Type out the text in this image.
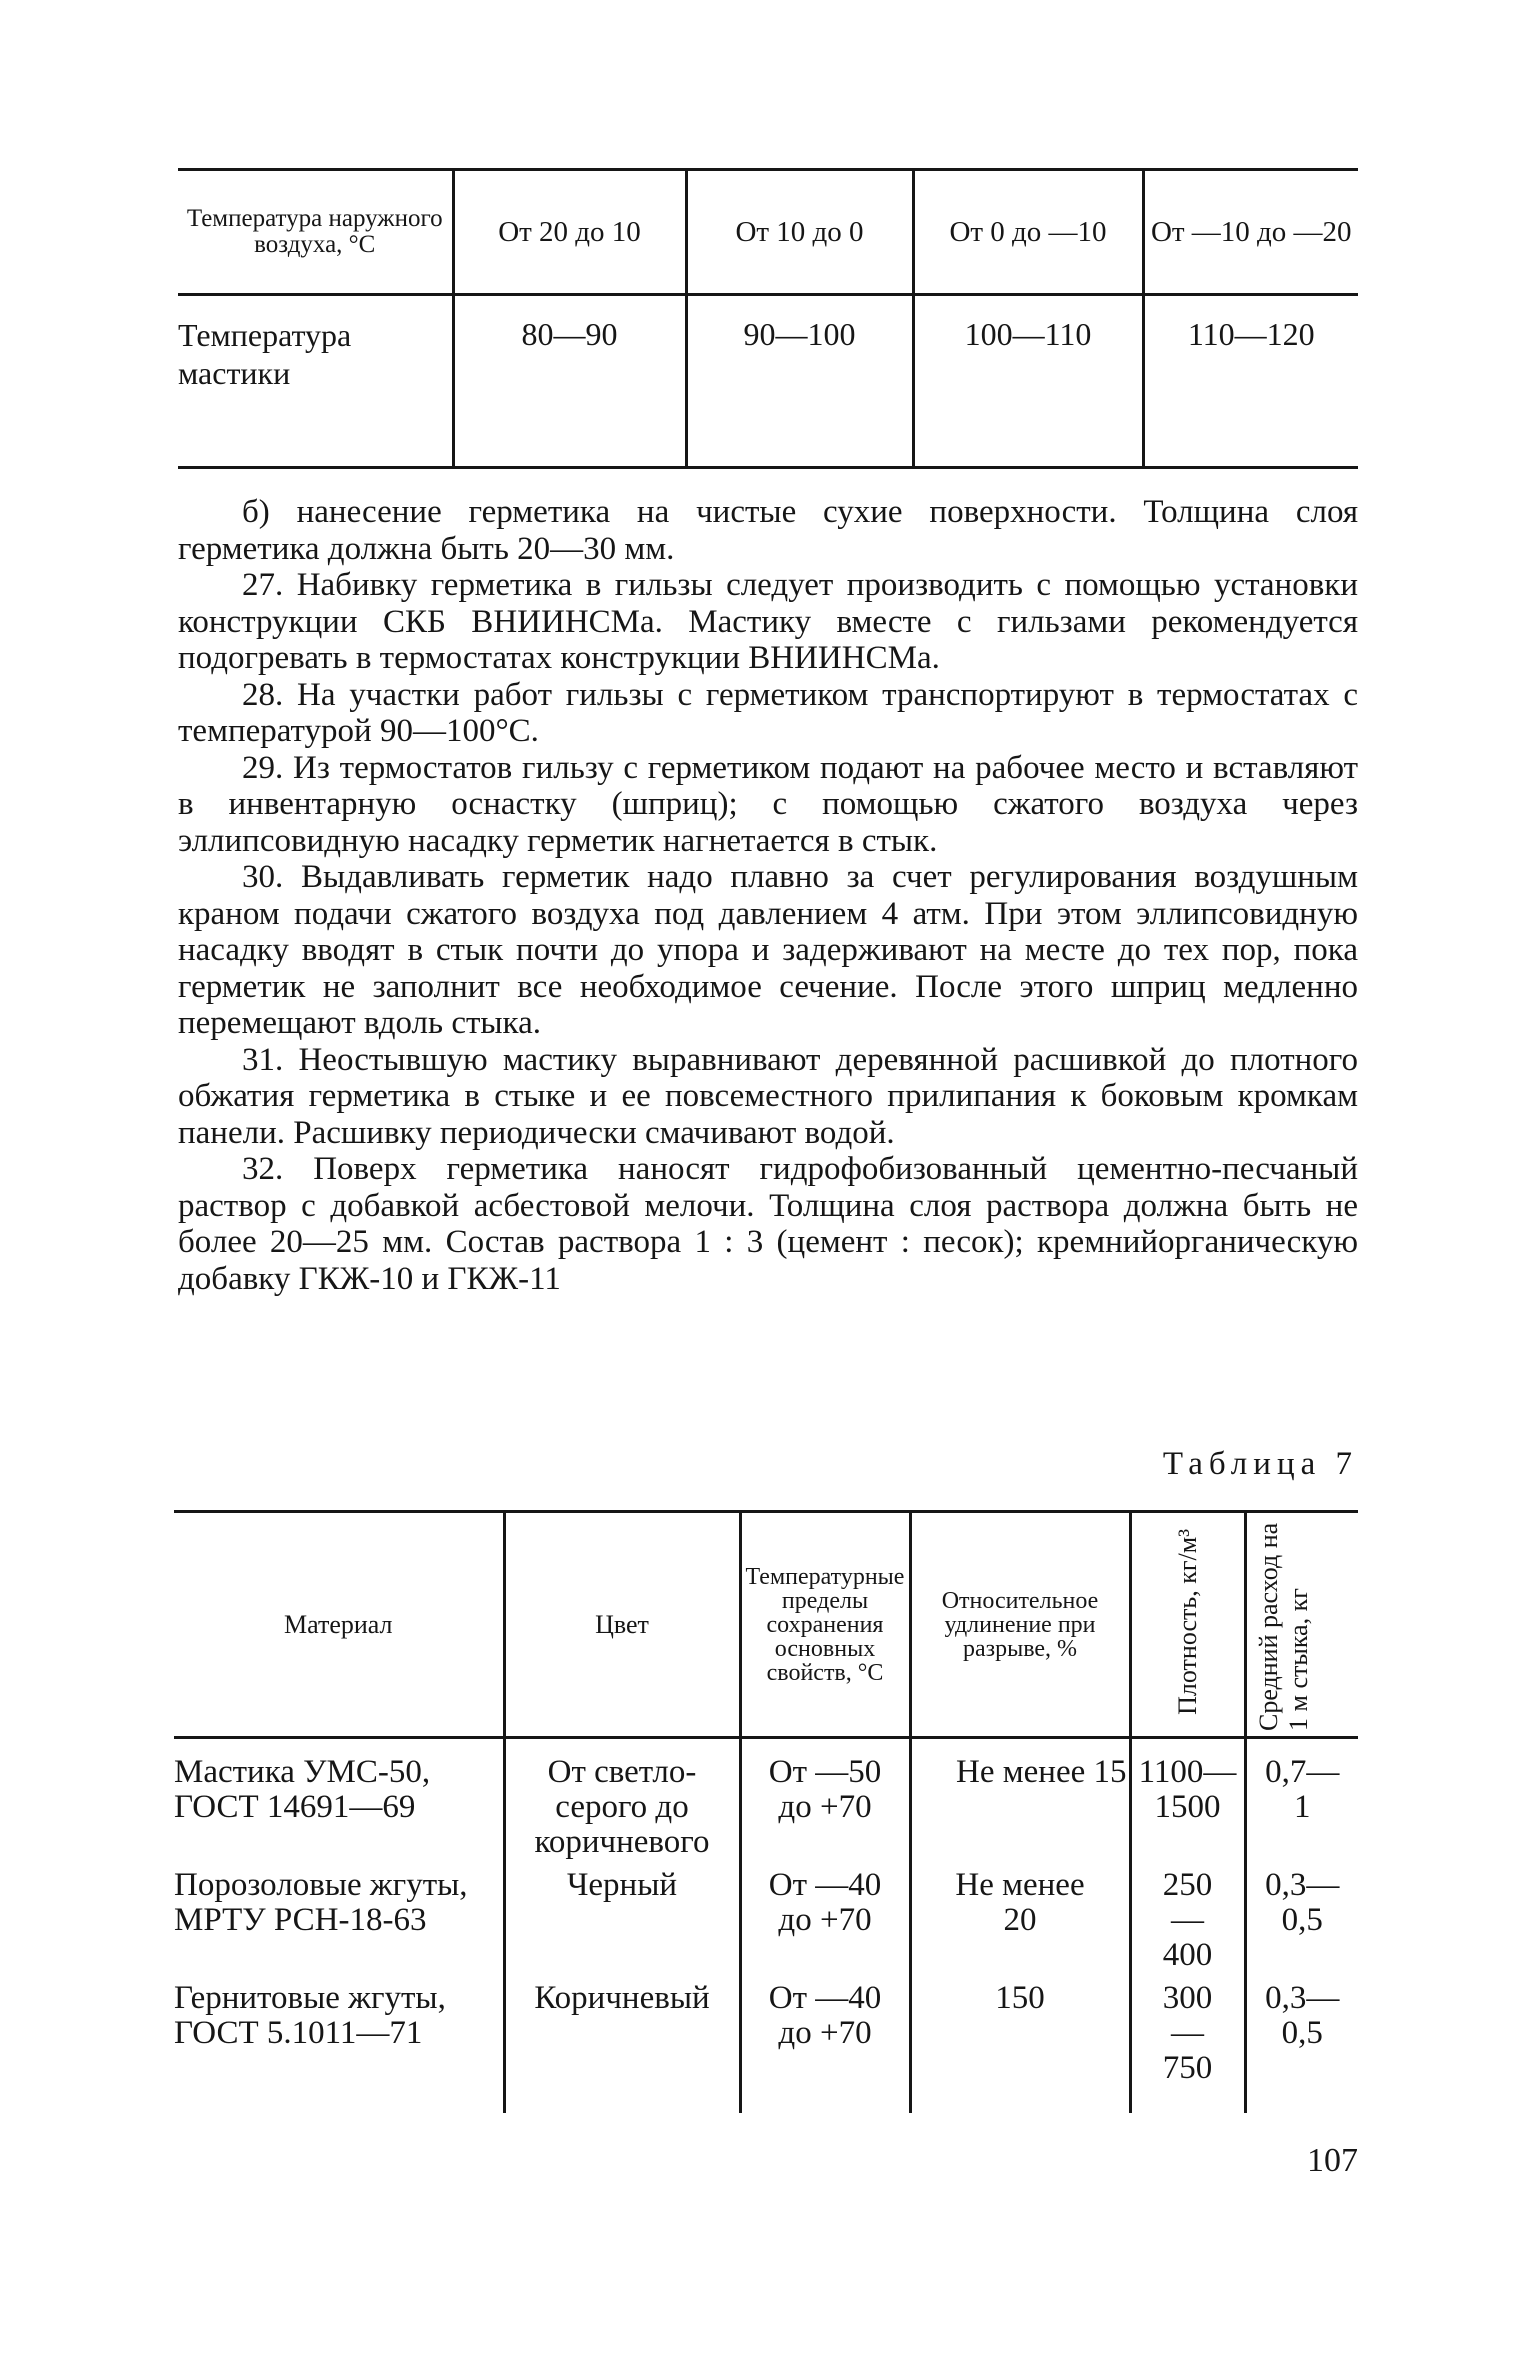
Температура наружного воздуха, °С	От 20 до 10	От 10 до 0	От 0 до —10	От —10 до —20
Температура мастики	80—90	90—100	100—110	110—120

б) нанесение герметика на чистые сухие поверхности. Толщина слоя герметика должна быть 20—30 мм.

27. Набивку герметика в гильзы следует производить с помощью установки конструкции СКБ ВНИИНСМа. Мастику вместе с гильзами рекомендуется подогревать в термостатах конструкции ВНИИНСМа.

28. На участки работ гильзы с герметиком транспортируют в термостатах с температурой 90—100°С.

29. Из термостатов гильзу с герметиком подают на рабочее место и вставляют в инвентарную оснастку (шприц); с помощью сжатого воздуха через эллипсовидную насадку герметик нагнетается в стык.

30. Выдавливать герметик надо плавно за счет регулирования воздушным краном подачи сжатого воздуха под давлением 4 атм. При этом эллипсовидную насадку вводят в стык почти до упора и задерживают на месте до тех пор, пока герметик не заполнит все необходимое сечение. После этого шприц медленно перемещают вдоль стыка.

31. Неостывшую мастику выравнивают деревянной расшивкой до плотного обжатия герметика в стыке и ее повсеместного прилипания к боковым кромкам панели. Расшивку периодически смачивают водой.

32. Поверх герметика наносят гидрофобизованный цементно-песчаный раствор с добавкой асбестовой мелочи. Толщина слоя раствора должна быть не более 20—25 мм. Состав раствора 1 : 3 (цемент : песок); кремнийорганическую добавку ГКЖ-10 и ГКЖ-11

Таблица 7
Материал	Цвет	Температурные пределы сохранения основных свойств, °С	Относительное удлинение при разрыве, %	Плотность, кг/м³	Средний расход на 1 м стыка, кг
Мастика УМС-50, ГОСТ 14691—69	От светло-серого до коричневого	От —50 до +70	Не менее 15	1100—1500	0,7—1
Порозоловые жгуты, МРТУ РСН-18-63	Черный	От —40 до +70	Не менее 20	250—400	0,3—0,5
Гернитовые жгуты, ГОСТ 5.1011—71	Коричневый	От —40 до +70	150	300—750	0,3—0,5
107
